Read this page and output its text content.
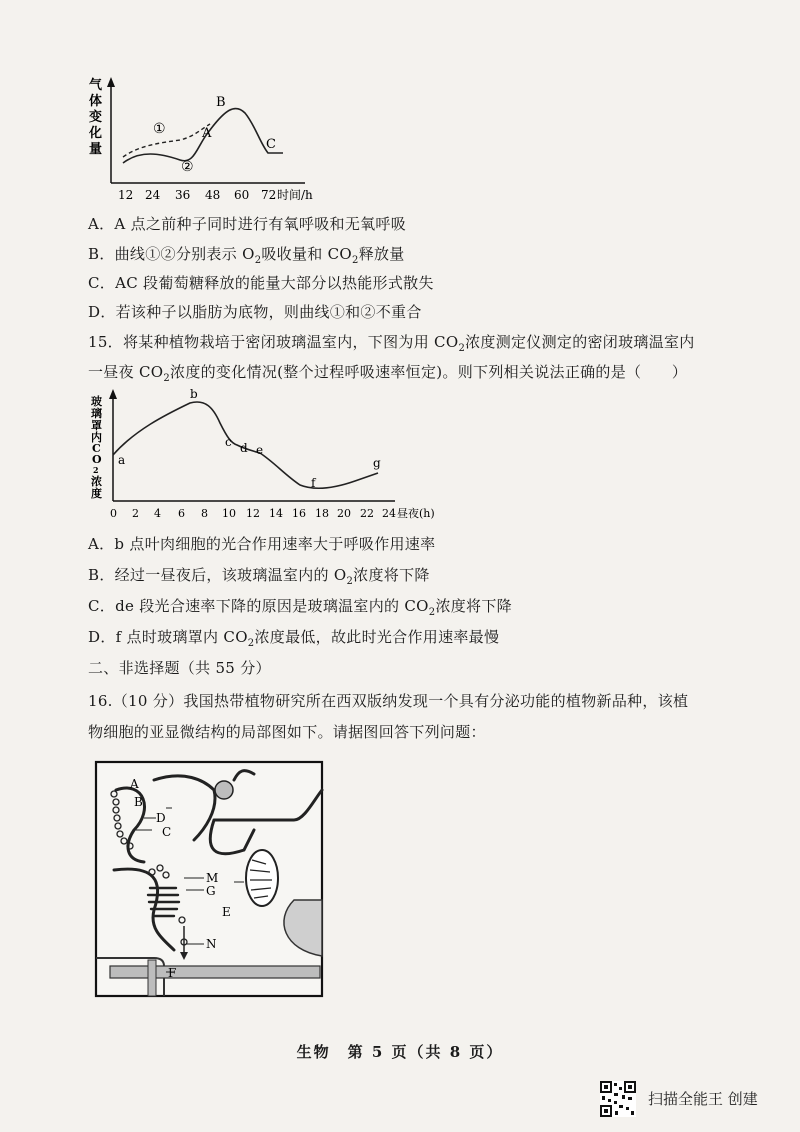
气
体
变
化
量
B
A
C
①
②
12 24 36 48 60 72 时间/h
A．A 点之前种子同时进行有氧呼吸和无氧呼吸
B．曲线①②分别表示 $O_2$吸收量和 $CO_2$释放量
C．AC 段葡萄糖释放的能量大部分以热能形式散失
D．若该种子以脂肪为底物，则曲线①和②不重合
15．将某种植物栽培于密闭玻璃温室内，下图为用 $CO_2$浓度测定仪测定的密闭玻璃温室内
一昼夜 $CO_2$浓度的变化情况(整个过程呼吸速率恒定)。则下列相关说法正确的是（　　）
玻
璃
罩
内
C
O
2
浓
度
a
b
c d e
f
g
0 2 4 6 8 10 12 14 16 18 20 22 24 昼夜(h)
A．b 点叶肉细胞的光合作用速率大于呼吸作用速率
B．经过一昼夜后，该玻璃温室内的 $O_2$浓度将下降
C．de 段光合速率下降的原因是玻璃温室内的 $CO_2$浓度将下降
D．f 点时玻璃罩内 $CO_2$浓度最低，故此时光合作用速率最慢
二、非选择题（共 55 分）
16.（10 分）我国热带植物研究所在西双版纳发现一个具有分泌功能的植物新品种，该植
物细胞的亚显微结构的局部图如下。请据图回答下列问题：
A
B
D
C
M
G
E
N
F
生物　第 5 页（共 8 页）
扫描全能王 创建
